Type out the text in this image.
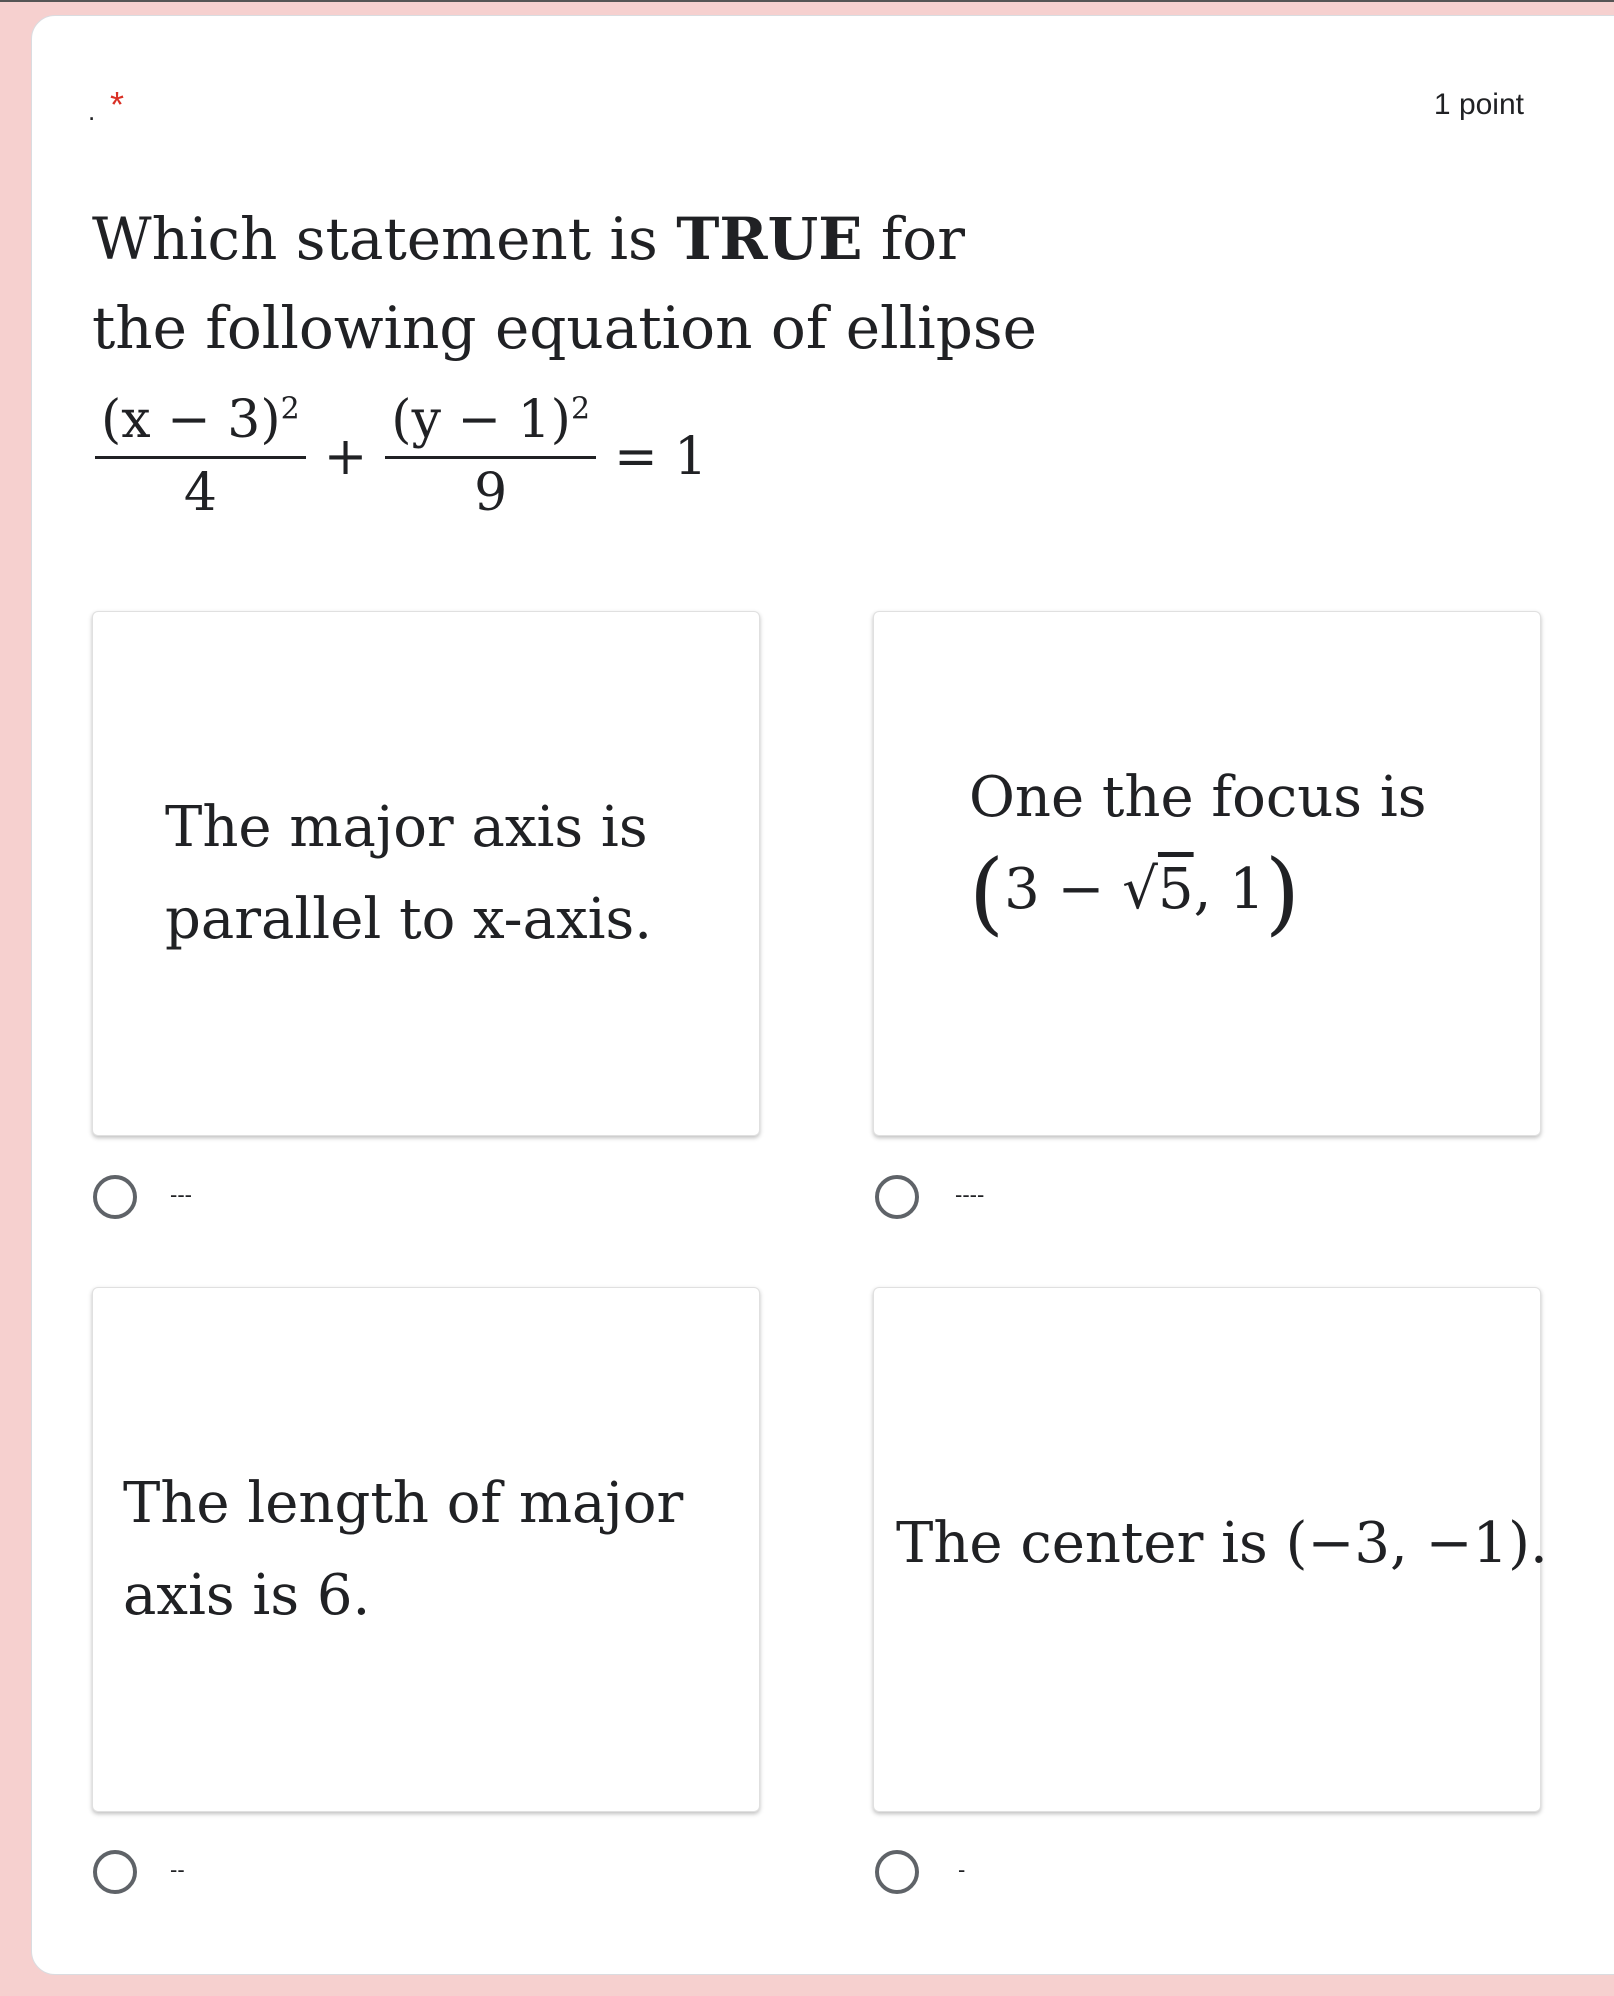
. *	1 point
Which statement is TRUE for
the following equation of ellipse
$\frac{(x - 3)^2}{4} + \frac{(y - 1)^2}{9} = 1$
The major axis is
parallel to x-axis.
---
One the focus is
(3 − √5, 1)
----
The length of major
axis is 6.
--
The center is (−3, −1).
-
